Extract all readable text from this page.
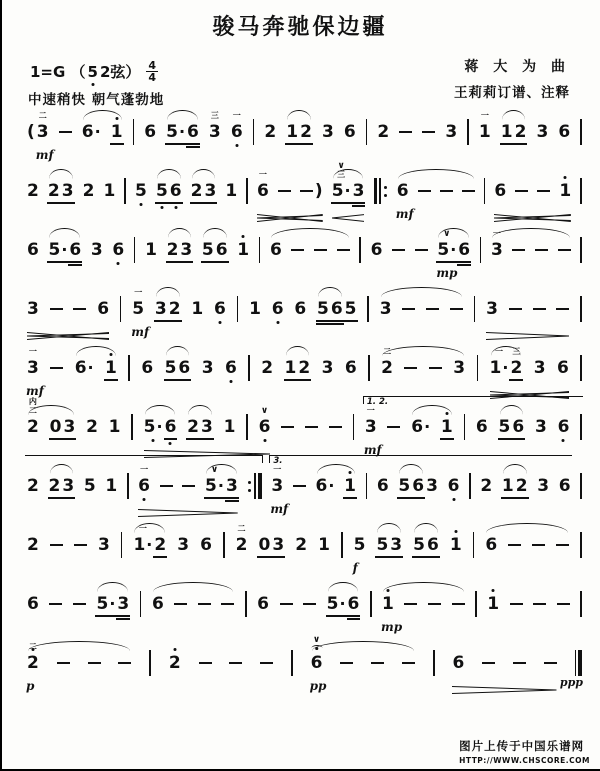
骏马奔驰保边疆
1=G （ 5 2弦） $\frac{4}{4}$
中速稍快 朝气蓬勃地
蒋 大 为 曲
王莉莉订谱、注释
( 3
二
mf
6 · 1 6 5 · 6 3
三
6
一
2 1 2 3 6 2	3 1
一
1 2 3 6
2 2 3 2 1 5 5 6 2 3 1 6
一
) 5 ·
∨
三
3 6
mf
6	1
6 5 · 6 3 6 1 2 3 5 6 1 6	6	5 ·
∨
mp
6 3
一
3	6 5
一
mf
3 2 1 6 1 6 6 5 6 5 3	3
3
一
mf
6 · 1 6 5 6 3 6 2 1 2 3 6 2
二
3 1 ·
一
2
三
3 6
2
内
二
0 3 2 1 5 · 6 2 3 1 6
∨
3
一
mf
6 · 1 6 5 6 3 6
1. 2.
2 2 3 5 1 6
一
5 ·
∨
3 3
一
mf
6 · 1 6 5 6 3 6 2 1 2 3 6
3.
2	3 1 ·
一
2 3 6 2
二
0 3 2 1 5
f
5 3 5 6 1 6
6	5 · 3 6	6	5 · 6 1
mp
1
2
二
p
2	6
∨
pp
6
ppp
图片上传于中国乐谱网
HTTP://WWW.CHSCORE.COM
